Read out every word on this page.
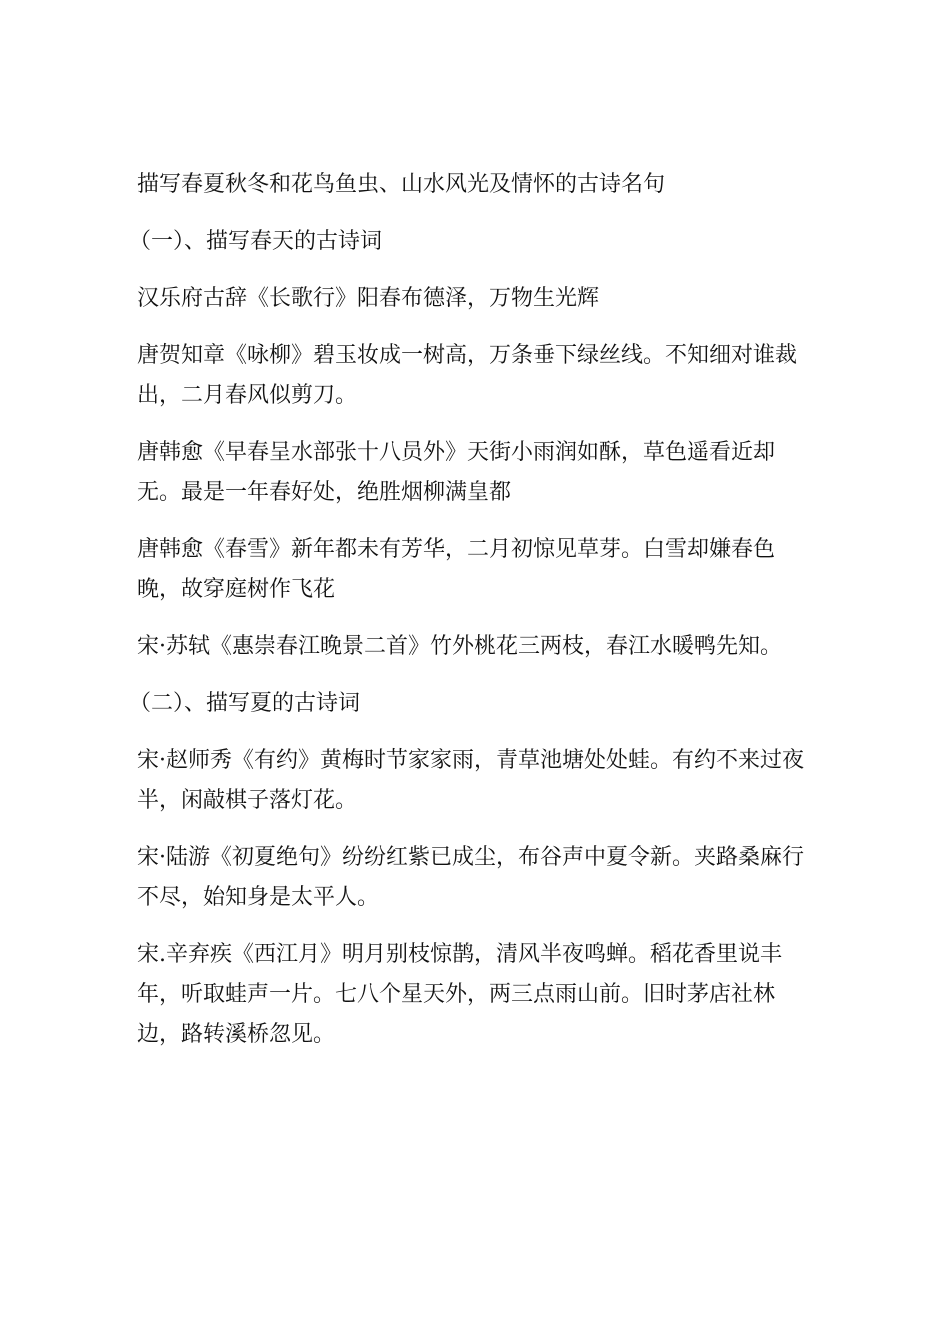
描写春夏秋冬和花鸟鱼虫、山水风光及情怀的古诗名句

（一）、描写春天的古诗词

汉乐府古辞《长歌行》阳春布德泽，万物生光辉

唐贺知章《咏柳》碧玉妆成一树高，万条垂下绿丝线。不知细对谁裁出，二月春风似剪刀。

唐韩愈《早春呈水部张十八员外》天街小雨润如酥，草色遥看近却无。最是一年春好处，绝胜烟柳满皇都

唐韩愈《春雪》新年都未有芳华，二月初惊见草芽。白雪却嫌春色晚，故穿庭树作飞花

宋·苏轼《惠崇春江晚景二首》竹外桃花三两枝，春江水暖鸭先知。

（二）、描写夏的古诗词

宋·赵师秀《有约》黄梅时节家家雨，青草池塘处处蛙。有约不来过夜半，闲敲棋子落灯花。

宋·陆游《初夏绝句》纷纷红紫已成尘，布谷声中夏令新。夹路桑麻行不尽，始知身是太平人。

宋.辛弃疾《西江月》明月别枝惊鹊，清风半夜鸣蝉。稻花香里说丰年，听取蛙声一片。七八个星天外，两三点雨山前。旧时茅店社林边，路转溪桥忽见。
